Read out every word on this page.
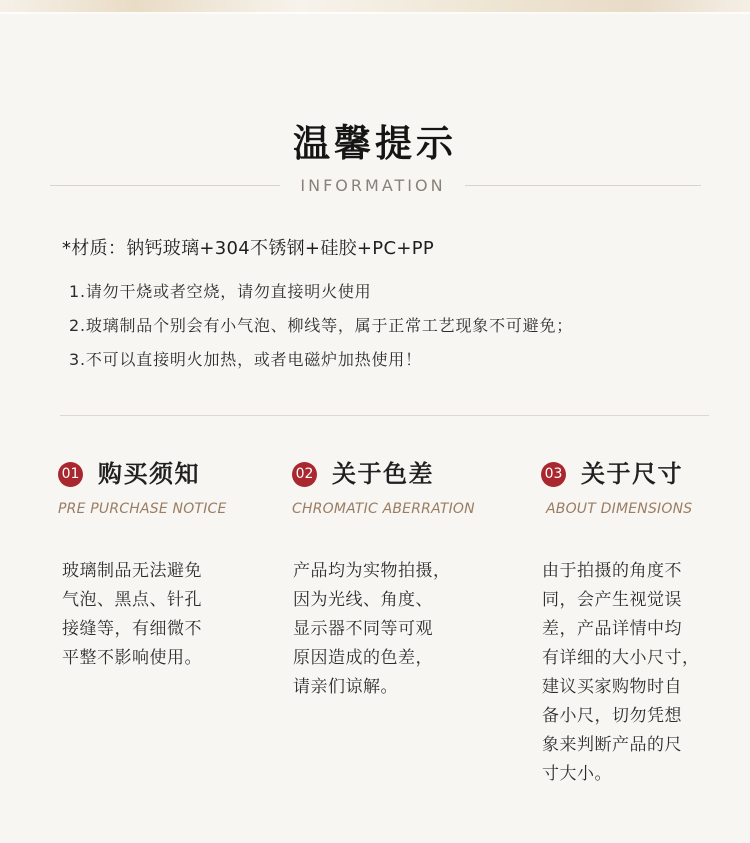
温馨提示
INFORMATION
*材质：钠钙玻璃+304不锈钢+硅胶+PC+PP
1.请勿干烧或者空烧，请勿直接明火使用
2.玻璃制品个别会有小气泡、柳线等，属于正常工艺现象不可避免；
3.不可以直接明火加热，或者电磁炉加热使用！
01 购买须知
PRE PURCHASE NOTICE

玻璃制品无法避免

气泡、黑点、针孔

接缝等，有细微不

平整不影响使用。

02 关于色差
CHROMATIC ABERRATION

产品均为实物拍摄，

因为光线、角度、

显示器不同等可观

原因造成的色差，

请亲们谅解。

03 关于尺寸
ABOUT DIMENSIONS

由于拍摄的角度不

同，会产生视觉误

差，产品详情中均

有详细的大小尺寸，

建议买家购物时自

备小尺，切勿凭想

象来判断产品的尺

寸大小。
